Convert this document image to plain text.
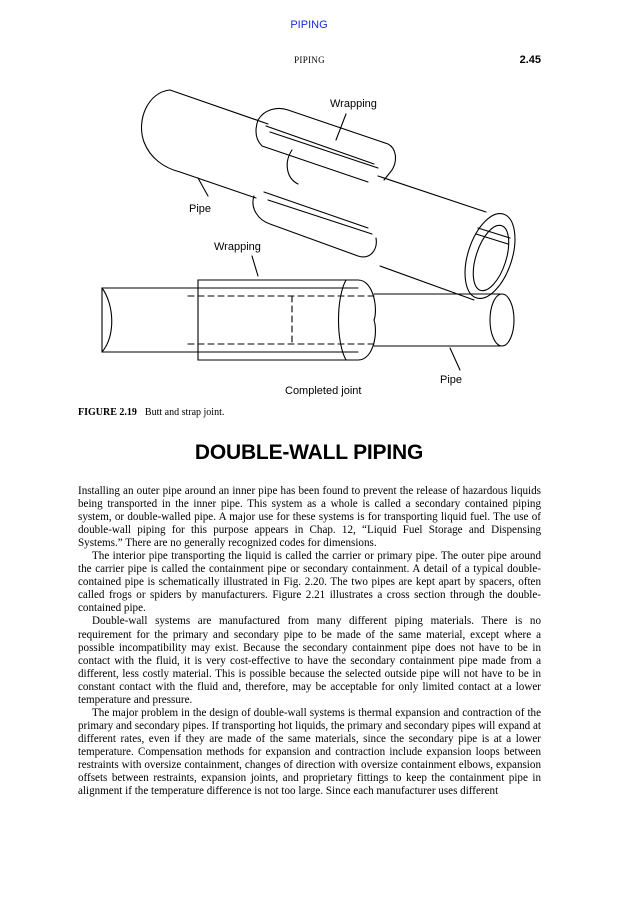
PIPING
PIPING	2.45
Wrapping
Pipe
Wrapping
Pipe
Completed joint
FIGURE 2.19 Butt and strap joint.
DOUBLE-WALL PIPING

Installing an outer pipe around an inner pipe has been found to prevent the release of hazardous liquids being transported in the inner pipe. This system as a whole is called a secondary contained piping system, or double-walled pipe. A major use for these systems is for transporting liquid fuel. The use of double-wall piping for this purpose appears in Chap. 12, “Liquid Fuel Storage and Dispensing Systems.” There are no generally recognized codes for dimensions.

The interior pipe transporting the liquid is called the carrier or primary pipe. The outer pipe around the carrier pipe is called the containment pipe or secondary containment. A detail of a typical double-contained pipe is schematically illustrated in Fig. 2.20. The two pipes are kept apart by spacers, often called frogs or spiders by manufacturers. Figure 2.21 illustrates a cross section through the double-contained pipe.

Double-wall systems are manufactured from many different piping materials. There is no requirement for the primary and secondary pipe to be made of the same material, except where a possible incompatibility may exist. Because the secondary containment pipe does not have to be in contact with the fluid, it is very cost-effective to have the secondary containment pipe made from a different, less costly material. This is possible because the selected outside pipe will not have to be in constant contact with the fluid and, therefore, may be acceptable for only limited contact at a lower temperature and pressure.

The major problem in the design of double-wall systems is thermal expansion and contraction of the primary and secondary pipes. If transporting hot liquids, the primary and secondary pipes will expand at different rates, even if they are made of the same materials, since the secondary pipe is at a lower temperature. Compensation methods for expansion and contraction include expansion loops between restraints with oversize containment, changes of direction with oversize containment elbows, expansion offsets between restraints, expansion joints, and proprietary fittings to keep the containment pipe in alignment if the temperature difference is not too large. Since each manufacturer uses different
